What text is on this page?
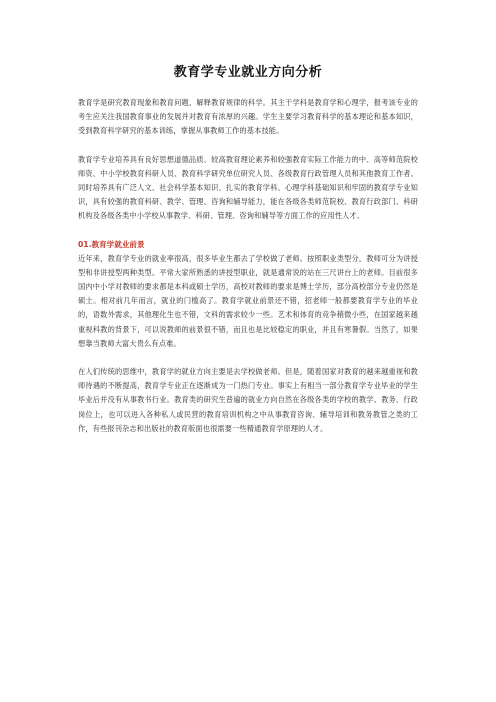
教育学专业就业方向分析

教育学是研究教育现象和教育问题、解释教育规律的科学。其主干学科是教育学和心理学，报考该专业的考生应关注我国教育事业的发展并对教育有浓厚的兴趣。学生主要学习教育科学的基本理论和基本知识，受到教育科学研究的基本训练，掌握从事教师工作的基本技能。

教育学专业培养具有良好思想道德品质、较高教育理论素养和较强教育实际工作能力的中、高等师范院校师资、中小学校教育科研人员、教育科学研究单位研究人员、各级教育行政管理人员和其他教育工作者。同时培养具有广泛人文、社会科学基本知识、扎实的教育学科、心理学科基础知识和牢固的教育学专业知识，具有较强的教育科研、教学、管理、咨询和辅导能力，能在各级各类师范院校、教育行政部门、科研机构及各级各类中小学校从事教学、科研、管理、咨询和辅导等方面工作的应用性人才。

01.教育学就业前景

近年来，教育学专业的就业率很高，很多毕业生都去了学校做了老师。按照职业类型分，教师可分为讲授型和非讲授型两种类型。平常大家所熟悉的讲授型职业，就是通常说的站在三尺讲台上的老师。目前很多国内中小学对教师的要求都是本科或硕士学历，高校对教师的要求是博士学历，部分高校部分专业仍然是硕士。相对前几年而言，就业的门槛高了。教育学就业前景还不错，招老师一般都要教育学专业的毕业的，语数外需求，其他理化生也不错，文科的需求较少一些。艺术和体育的竞争稍微小些，在国家越来越重视科教的背景下，可以说教师的前景很不错，而且也是比较稳定的职业，并且有寒暑假。当然了，如果想靠当教师大富大贵么有点难。

在人们传统的思维中，教育学的就业方向主要是去学校做老师。但是，随着国家对教育的越来越重视和教师待遇的不断提高，教育学专业正在逐渐成为一门热门专业。事实上有相当一部分教育学专业毕业的学生毕业后并没有从事教书行业。教育类的研究生普遍的就业方向自然在各级各类的学校的教学、教务、行政岗位上，也可以进入各种私人或民营的教育培训机构之中从事教育咨询、辅导培训和教务教管之类的工作，有些报刊杂志和出版社的教育版面也很需要一些精通教育学原理的人才。
